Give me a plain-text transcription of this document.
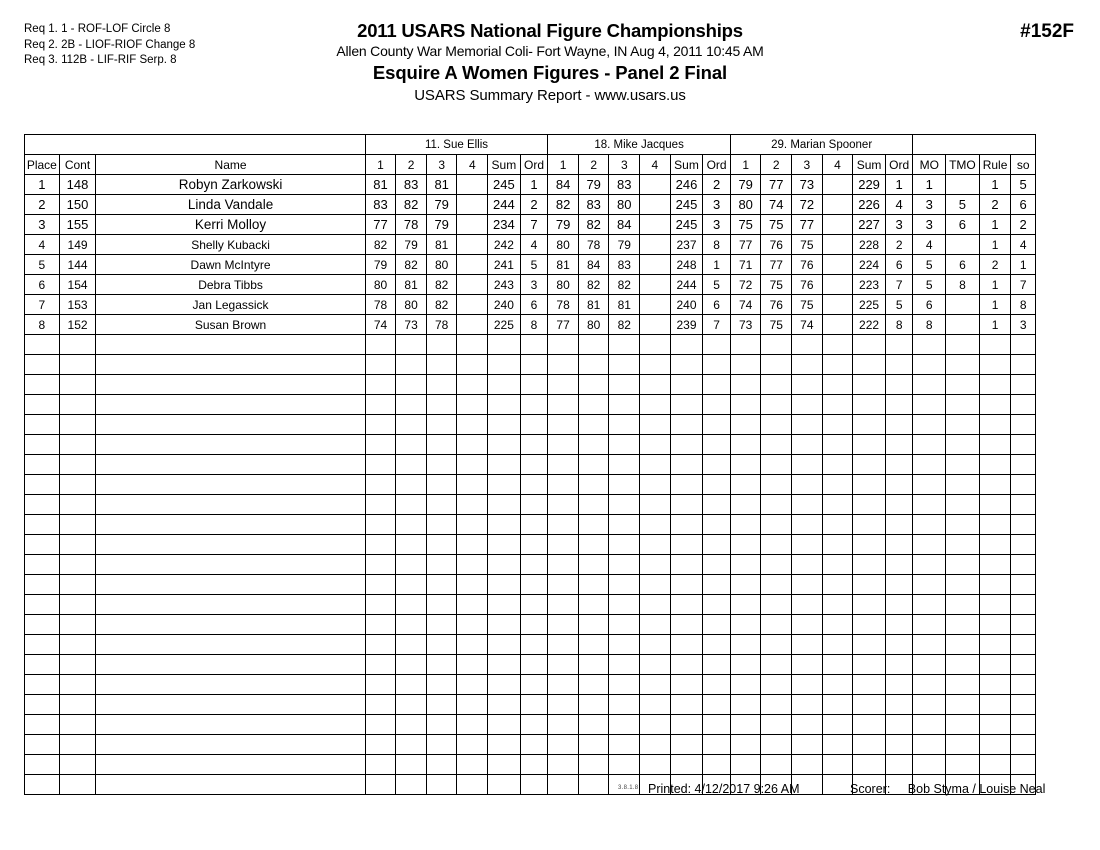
Req 1. 1 - ROF-LOF Circle 8
Req 2. 2B - LIOF-RIOF Change 8
Req 3. 112B - LIF-RIF Serp. 8
2011 USARS National Figure Championships
Allen County War Memorial Coli- Fort Wayne, IN Aug 4, 2011 10:45 AM
Esquire A Women Figures - Panel 2 Final
USARS Summary Report - www.usars.us
#152F
			11. Sue Ellis						18. Mike Jacques						29. Marian Spooner									
Place	Cont	Name	1	2	3	4	Sum	Ord	1	2	3	4	Sum	Ord	1	2	3	4	Sum	Ord	MO	TMO	Rule	so
1	148	Robyn Zarkowski	81	83	81		245	1	84	79	83		246	2	79	77	73		229	1	1		1	5
2	150	Linda Vandale	83	82	79		244	2	82	83	80		245	3	80	74	72		226	4	3	5	2	6
3	155	Kerri Molloy	77	78	79		234	7	79	82	84		245	3	75	75	77		227	3	3	6	1	2
4	149	Shelly Kubacki	82	79	81		242	4	80	78	79		237	8	77	76	75		228	2	4		1	4
5	144	Dawn McIntyre	79	82	80		241	5	81	84	83		248	1	71	77	76		224	6	5	6	2	1
6	154	Debra Tibbs	80	81	82		243	3	80	82	82		244	5	72	75	76		223	7	5	8	1	7
7	153	Jan Legassick	78	80	82		240	6	78	81	81		240	6	74	76	75		225	5	6		1	8
8	152	Susan Brown	74	73	78		225	8	77	80	82		239	7	73	75	74		222	8	8		1	3

3.8.1.8 Printed: 4/12/2017 9:26 AM	Scorer: Bob Styma / Louise Neal
